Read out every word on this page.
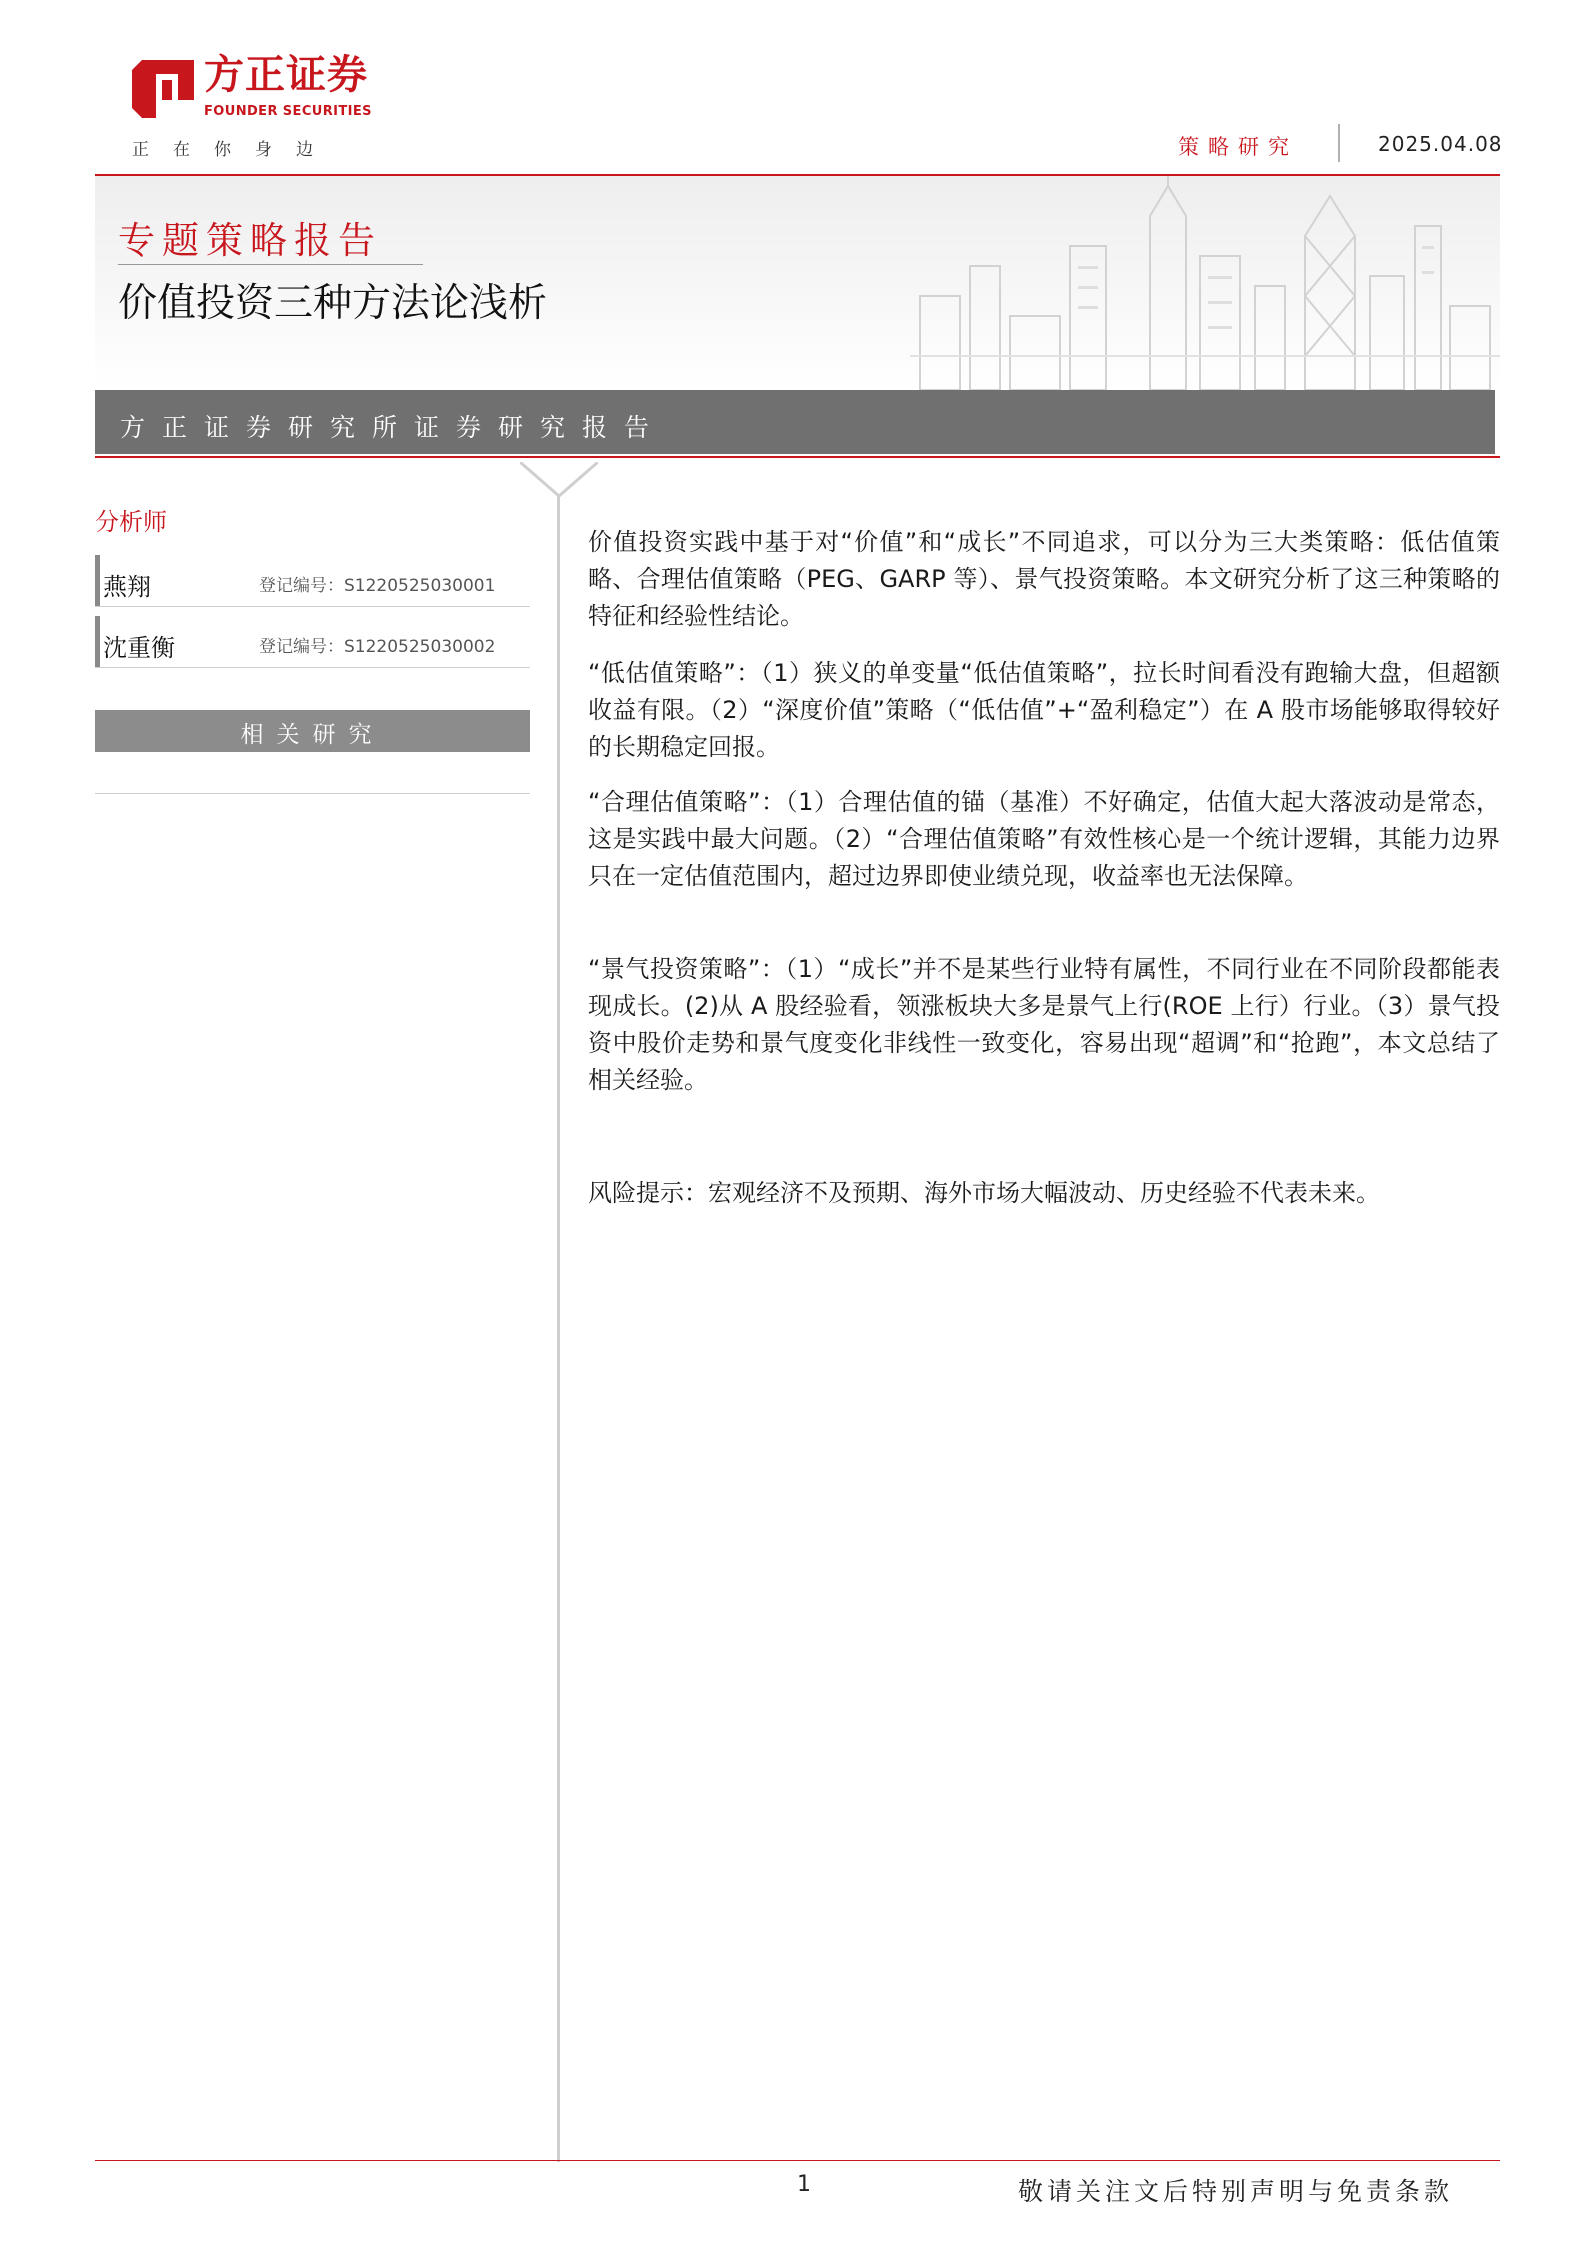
方正证券
FOUNDER SECURITIES
正在你身边	策略研究	2025.04.08
专题策略报告
价值投资三种方法论浅析
方正证券研究所证券研究报告
分析师
燕翔	登记编号：S1220525030001
沈重衡	登记编号：S1220525030002
相关研究

价值投资实践中基于对“价值”和“成长”不同追求，可以分为三大类策略：低估值策略、合理估值策略（PEG、GARP 等）、景气投资策略。本文研究分析了这三种策略的特征和经验性结论。

“低估值策略”：（1）狭义的单变量“低估值策略”，拉长时间看没有跑输大盘，但超额收益有限。（2）“深度价值”策略（“低估值”+“盈利稳定”）在 A 股市场能够取得较好的长期稳定回报。

“合理估值策略”：（1）合理估值的锚（基准）不好确定，估值大起大落波动是常态，这是实践中最大问题。（2）“合理估值策略”有效性核心是一个统计逻辑，其能力边界只在一定估值范围内，超过边界即使业绩兑现，收益率也无法保障。

“景气投资策略”：（1）“成长”并不是某些行业特有属性，不同行业在不同阶段都能表现成长。(2)从 A 股经验看，领涨板块大多是景气上行(ROE 上行）行业。（3）景气投资中股价走势和景气度变化非线性一致变化，容易出现“超调”和“抢跑”，本文总结了相关经验。

风险提示：宏观经济不及预期、海外市场大幅波动、历史经验不代表未来。

1	敬请关注文后特别声明与免责条款
